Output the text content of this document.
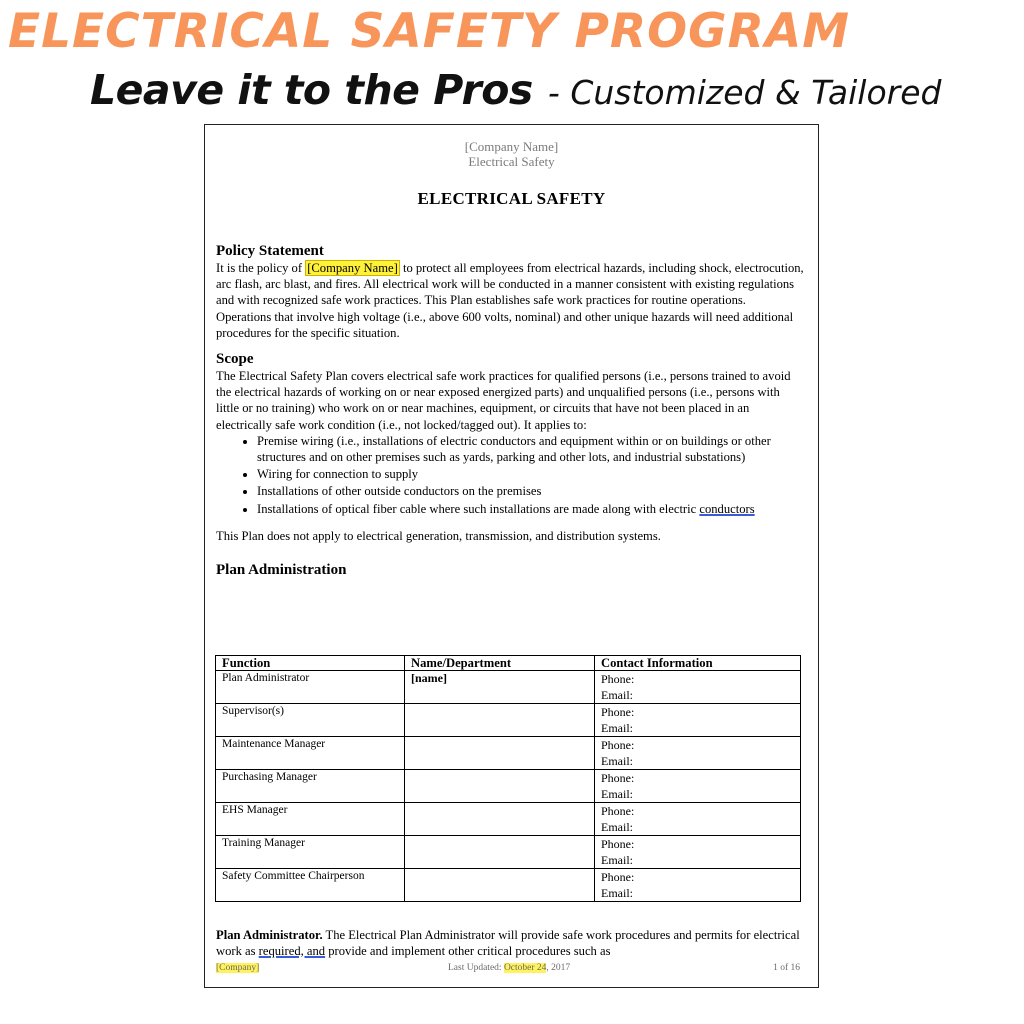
ELECTRICAL SAFETY PROGRAM
Leave it to the Pros - Customized & Tailored
[Company Name]
Electrical Safety
ELECTRICAL SAFETY

Policy Statement

It is the policy of [Company Name] to protect all employees from electrical hazards, including shock, electrocution, arc flash, arc blast, and fires. All electrical work will be conducted in a manner consistent with existing regulations and with recognized safe work practices. This Plan establishes safe work practices for routine operations. Operations that involve high voltage (i.e., above 600 volts, nominal) and other unique hazards will need additional procedures for the specific situation.

Scope

The Electrical Safety Plan covers electrical safe work practices for qualified persons (i.e., persons trained to avoid the electrical hazards of working on or near exposed energized parts) and unqualified persons (i.e., persons with little or no training) who work on or near machines, equipment, or circuits that have not been placed in an electrically safe work condition (i.e., not locked/tagged out). It applies to:

• Premise wiring (i.e., installations of electric conductors and equipment within or on buildings or other structures and on other premises such as yards, parking and other lots, and industrial substations)
• Wiring for connection to supply
• Installations of other outside conductors on the premises
• Installations of optical fiber cable where such installations are made along with electric conductors

This Plan does not apply to electrical generation, transmission, and distribution systems.

Plan Administration

Function	Name/Department	Contact Information
Plan Administrator	[name]	Phone:
Email:

Supervisor(s)		Phone:
Email:

Maintenance Manager		Phone:
Email:

Purchasing Manager		Phone:
Email:

EHS Manager		Phone:
Email:

Training Manager		Phone:
Email:

Safety Committee Chairperson		Phone:
Email:

Plan Administrator. The Electrical Plan Administrator will provide safe work procedures and permits for electrical work as required, and provide and implement other critical procedures such as

[Company]	Last Updated: October 24, 2017	1 of 16
